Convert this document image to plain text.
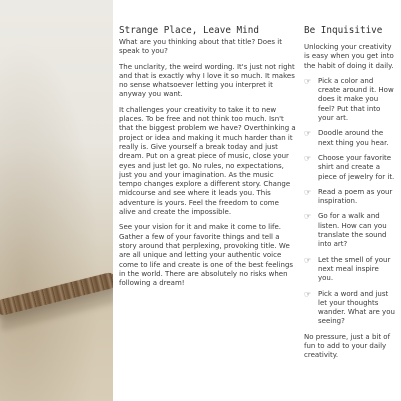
Strange Place, Leave Mind

What are you thinking about that title? Does it speak to you?

The unclarity, the weird wording. It's just not right and that is exactly why I love it so much. It makes no sense whatsoever letting you interpret it anyway you want.

It challenges your creativity to take it to new places. To be free and not think too much. Isn't that the biggest problem we have? Overthinking a project or idea and making it much harder than it really is. Give yourself a break today and just dream. Put on a great piece of music, close your eyes and just let go. No rules, no expectations, just you and your imagination. As the music tempo changes explore a different story. Change midcourse and see where it leads you. This adventure is yours. Feel the freedom to come alive and create the impossible.

See your vision for it and make it come to life. Gather a few of your favorite things and tell a story around that perplexing, provoking title. We are all unique and letting your authentic voice come to life and create is one of the best feelings in the world. There are absolutely no risks when following a dream!

Be Inquisitive

Unlocking your creativity is easy when you get into the habit of doing it daily.

☞ Pick a color and create around it. How does it make you feel? Put that into your art.
☞ Doodle around the next thing you hear.
☞ Choose your favorite shirt and create a piece of jewelry for it.
☞ Read a poem as your inspiration.
☞ Go for a walk and listen. How can you translate the sound into art?
☞ Let the smell of your next meal inspire you.
☞ Pick a word and just let your thoughts wander. What are you seeing?

No pressure, just a bit of fun to add to your daily creativity.
